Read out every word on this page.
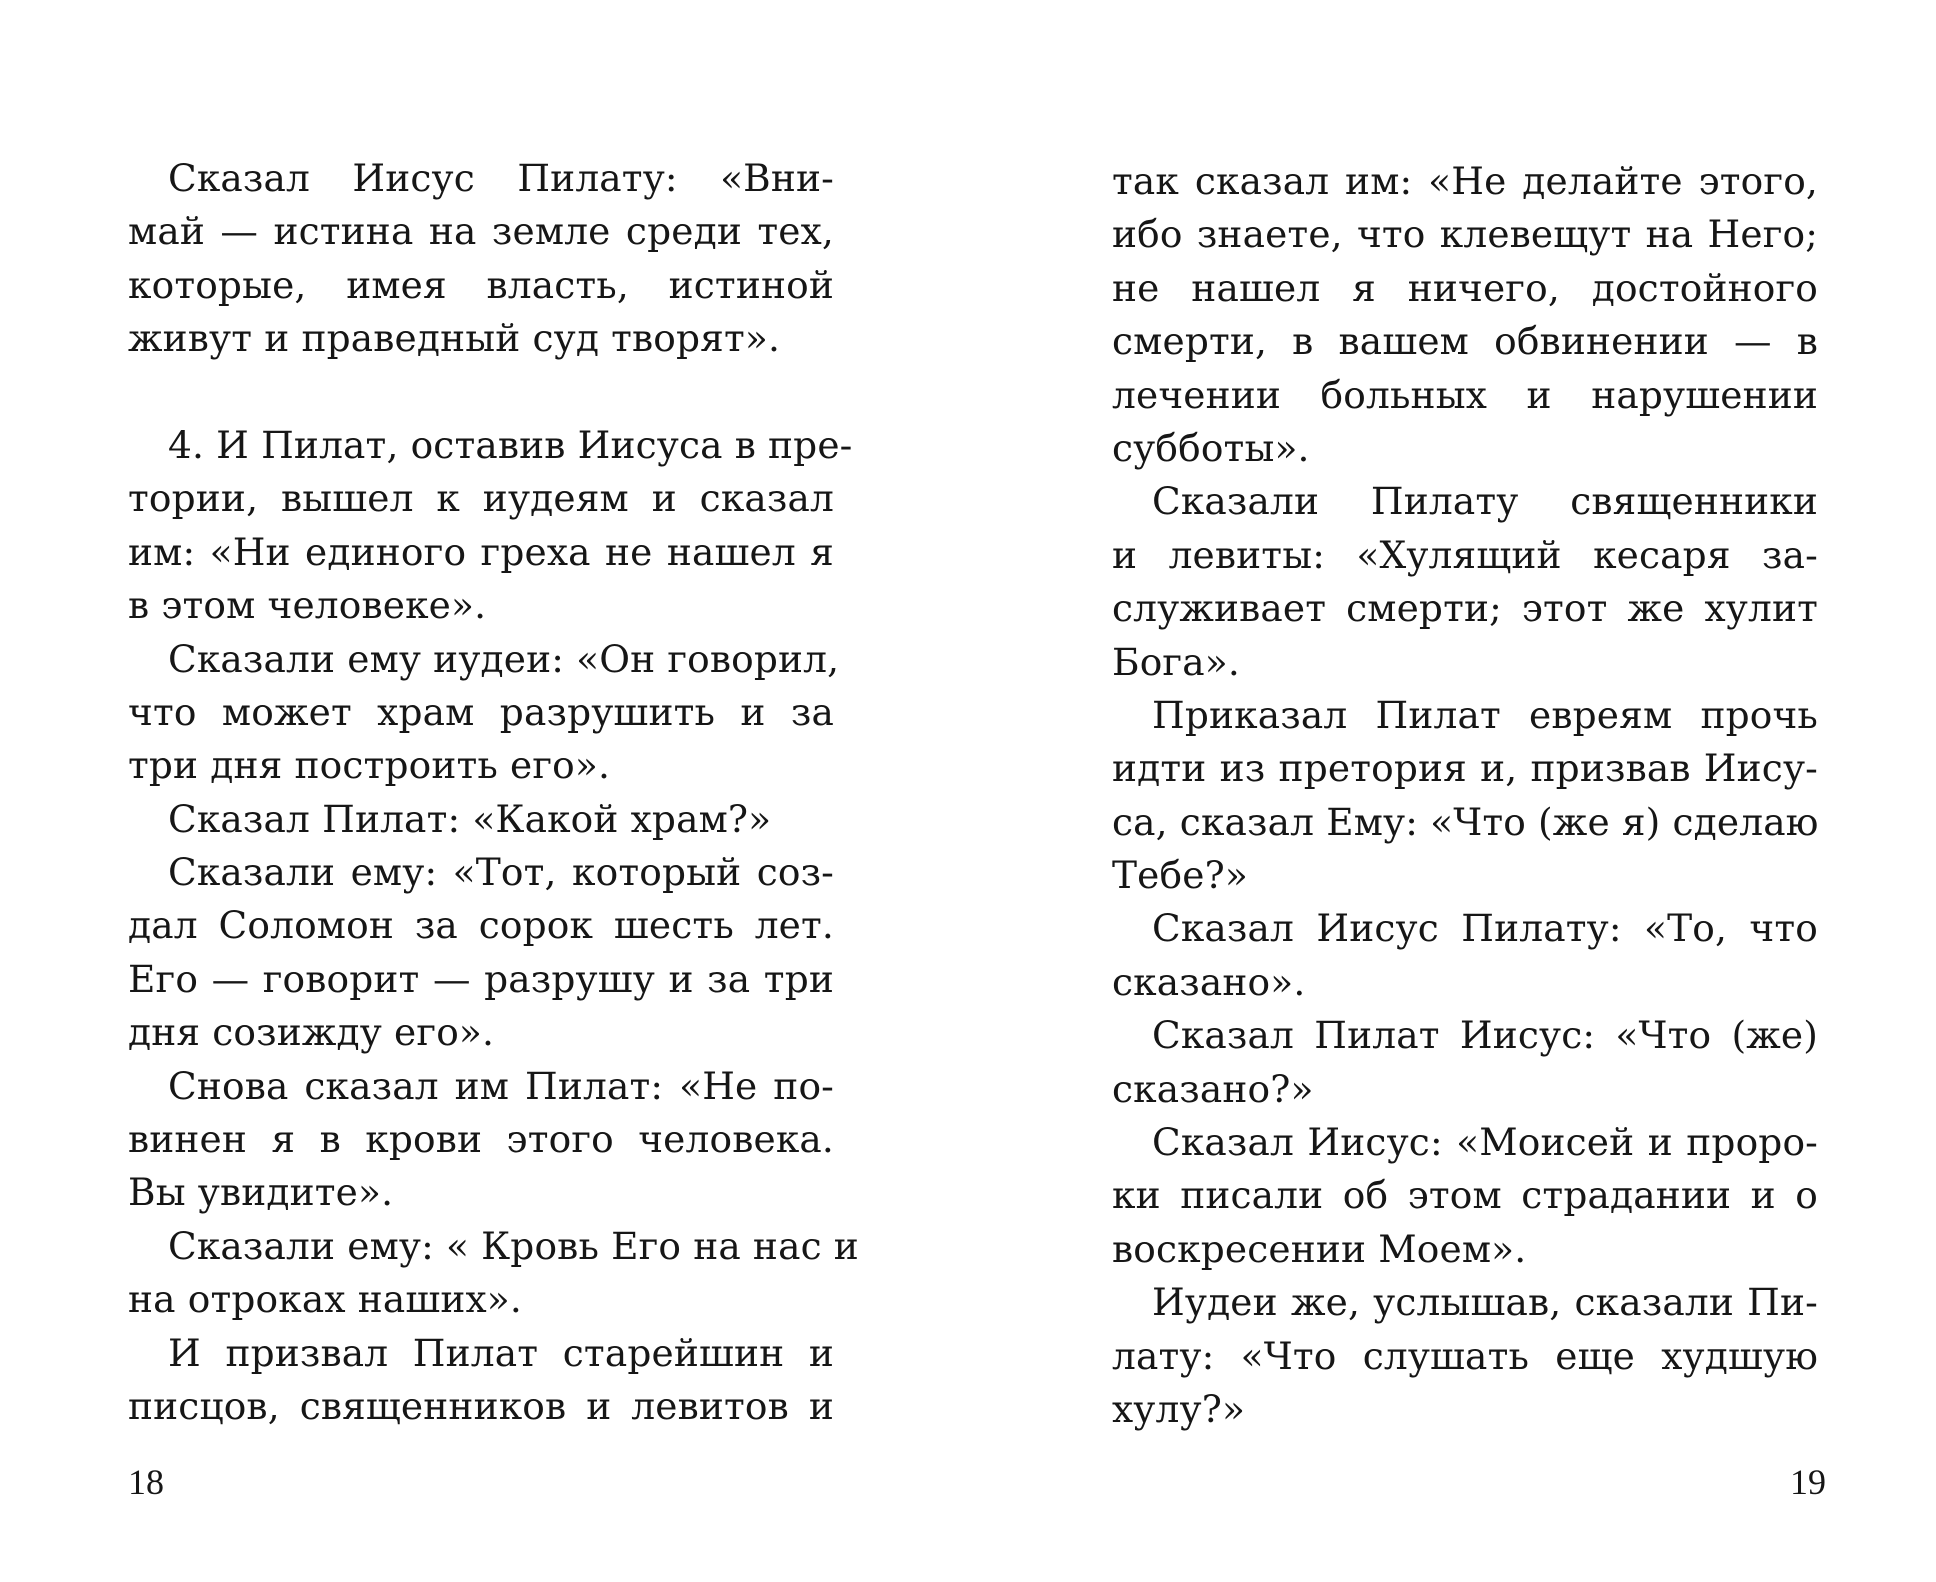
Сказал Иисус Пилату: «Вни-
май — истина на земле среди тех,
которые, имея власть, истиной
живут и праведный суд творят».
4. И Пилат, оставив Иисуса в пре-
тории, вышел к иудеям и сказал
им: «Ни единого греха не нашел я
в этом человеке».
Сказали ему иудеи: «Он говорил,
что может храм разрушить и за
три дня построить его».
Сказал Пилат: «Какой храм?»
Сказали ему: «Тот, который соз-
дал Соломон за сорок шесть лет.
Его — говорит — разрушу и за три
дня созижду его».
Снова сказал им Пилат: «Не по-
винен я в крови этого человека.
Вы увидите».
Сказали ему: « Кровь Его на нас и
на отроках наших».
И призвал Пилат старейшин и
писцов, священников и левитов и
18
так сказал им: «Не делайте этого,
ибо знаете, что клевещут на Него;
не нашел я ничего, достойного
смерти, в вашем обвинении — в
лечении больных и нарушении
субботы».
Сказали Пилату священники
и левиты: «Хулящий кесаря за-
служивает смерти; этот же хулит
Бога».
Приказал Пилат евреям прочь
идти из претория и, призвав Иису-
са, сказал Ему: «Что (же я) сделаю
Тебе?»
Сказал Иисус Пилату: «То, что
сказано».
Сказал Пилат Иисус: «Что (же)
сказано?»
Сказал Иисус: «Моисей и проро-
ки писали об этом страдании и о
воскресении Моем».
Иудеи же, услышав, сказали Пи-
лату: «Что слушать еще худшую
хулу?»
19
